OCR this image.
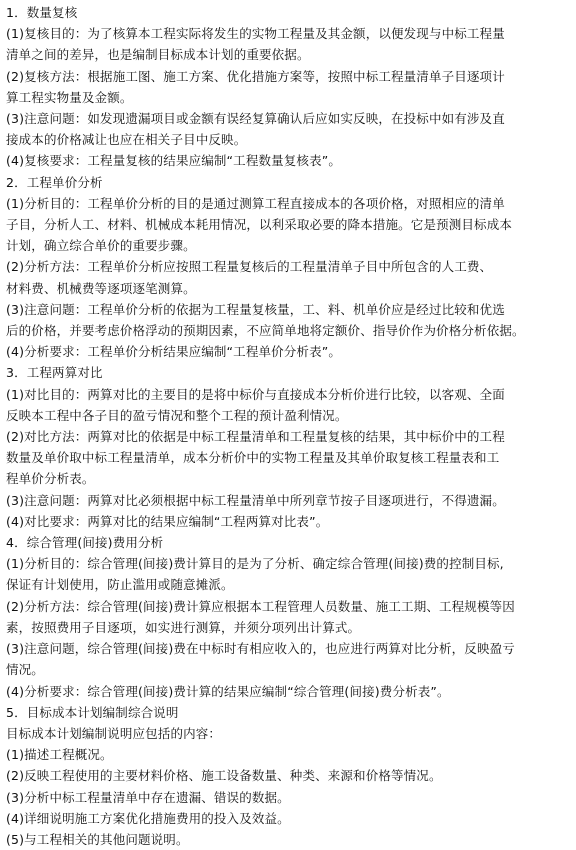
1．数量复核
(1)复核目的：为了核算本工程实际将发生的实物工程量及其金额，以便发现与中标工程量
清单之间的差异，也是编制目标成本计划的重要依据。
(2)复核方法：根据施工图、施工方案、优化措施方案等，按照中标工程量清单子目逐项计
算工程实物量及金额。
(3)注意问题：如发现遗漏项目或金额有误经复算确认后应如实反映，在投标中如有涉及直
接成本的价格减让也应在相关子目中反映。
(4)复核要求：工程量复核的结果应编制“工程数量复核表”。
2．工程单价分析
(1)分析目的：工程单价分析的目的是通过测算工程直接成本的各项价格，对照相应的清单
子目，分析人工、材料、机械成本耗用情况，以利采取必要的降本措施。它是预测目标成本
计划，确立综合单价的重要步骤。
(2)分析方法：工程单价分析应按照工程量复核后的工程量清单子目中所包含的人工费、
材料费、机械费等逐项逐笔测算。
(3)注意问题：工程单价分析的依据为工程量复核量，工、料、机单价应是经过比较和优选
后的价格，并要考虑价格浮动的预期因素，不应简单地将定额价、指导价作为价格分析依据。
(4)分析要求：工程单价分析结果应编制“工程单价分析表”。
3．工程两算对比
(1)对比目的：两算对比的主要目的是将中标价与直接成本分析价进行比较，以客观、全面
反映本工程中各子目的盈亏情况和整个工程的预计盈利情况。
(2)对比方法：两算对比的依据是中标工程量清单和工程量复核的结果，其中标价中的工程
数量及单价取中标工程量清单，成本分析价中的实物工程量及其单价取复核工程量表和工
程单价分析表。
(3)注意问题：两算对比必须根据中标工程量清单中所列章节按子目逐项进行，不得遗漏。
(4)对比要求：两算对比的结果应编制“工程两算对比表”。
4．综合管理(间接)费用分析
(1)分析目的：综合管理(间接)费计算目的是为了分析、确定综合管理(间接)费的控制目标,
保证有计划使用，防止滥用或随意摊派。
(2)分析方法：综合管理(间接)费计算应根据本工程管理人员数量、施工工期、工程规模等因
素，按照费用子目逐项，如实进行测算，并须分项列出计算式。
(3)注意问题，综合管理(间接)费在中标时有相应收入的，也应进行两算对比分析，反映盈亏
情况。
(4)分析要求：综合管理(间接)费计算的结果应编制“综合管理(间接)费分析表”。
5．目标成本计划编制综合说明
目标成本计划编制说明应包括的内容：
(1)描述工程概况。
(2)反映工程使用的主要材料价格、施工设备数量、种类、来源和价格等情况。
(3)分析中标工程量清单中存在遗漏、错误的数据。
(4)详细说明施工方案优化措施费用的投入及效益。
(5)与工程相关的其他问题说明。
